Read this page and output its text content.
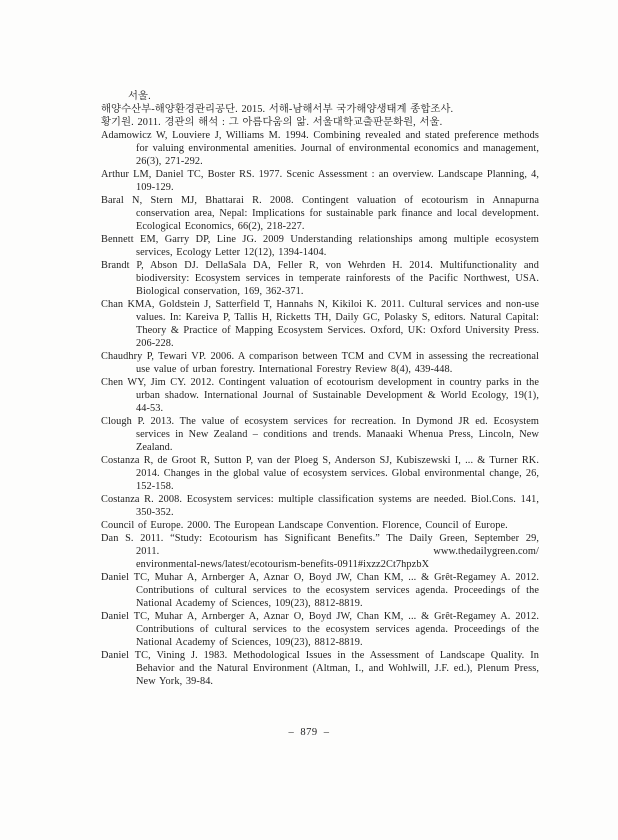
서울.
해양수산부-해양환경관리공단. 2015. 서해-남해서부 국가해양생태계 종합조사.
황기원. 2011. 경관의 해석 : 그 아름다움의 앎. 서울대학교출판문화원, 서울.
Adamowicz W, Louviere J, Williams M. 1994. Combining revealed and stated preference methods for valuing environmental amenities. Journal of environmental economics and management, 26(3), 271-292.
Arthur LM, Daniel TC, Boster RS. 1977. Scenic Assessment : an overview. Landscape Planning, 4, 109-129.
Baral N, Stern MJ, Bhattarai R. 2008. Contingent valuation of ecotourism in Annapurna conservation area, Nepal: Implications for sustainable park finance and local development. Ecological Economics, 66(2), 218-227.
Bennett EM, Garry DP, Line JG. 2009 Understanding relationships among multiple ecosystem services, Ecology Letter 12(12), 1394-1404.
Brandt P, Abson DJ. DellaSala DA, Feller R, von Wehrden H. 2014. Multifunctionality and biodiversity: Ecosystem services in temperate rainforests of the Pacific Northwest, USA. Biological conservation, 169, 362-371.
Chan KMA, Goldstein J, Satterfield T, Hannahs N, Kikiloi K. 2011. Cultural services and non-use values. In: Kareiva P, Tallis H, Ricketts TH, Daily GC, Polasky S, editors. Natural Capital: Theory & Practice of Mapping Ecosystem Services. Oxford, UK: Oxford University Press. 206-228.
Chaudhry P, Tewari VP. 2006. A comparison between TCM and CVM in assessing the recreational use value of urban forestry. International Forestry Review 8(4), 439-448.
Chen WY, Jim CY. 2012. Contingent valuation of ecotourism development in country parks in the urban shadow. International Journal of Sustainable Development & World Ecology, 19(1), 44-53.
Clough P. 2013. The value of ecosystem services for recreation. In Dymond JR ed. Ecosystem services in New Zealand – conditions and trends. Manaaki Whenua Press, Lincoln, New Zealand.
Costanza R, de Groot R, Sutton P, van der Ploeg S, Anderson SJ, Kubiszewski I, ... & Turner RK. 2014. Changes in the global value of ecosystem services. Global environmental change, 26, 152-158.
Costanza R. 2008. Ecosystem services: multiple classification systems are needed. Biol.Cons. 141, 350-352.
Council of Europe. 2000. The European Landscape Convention. Florence, Council of Europe.
Dan S. 2011. “Study: Ecotourism has Significant Benefits.” The Daily Green, September 29,
2011.	www.thedailygreen.com/
environmental-news/latest/ecotourism-benefits-0911#ixzz2Ct7hpzbX
Daniel TC, Muhar A, Arnberger A, Aznar O, Boyd JW, Chan KM, ... & Grêt-Regamey A. 2012. Contributions of cultural services to the ecosystem services agenda. Proceedings of the National Academy of Sciences, 109(23), 8812-8819.
Daniel TC, Muhar A, Arnberger A, Aznar O, Boyd JW, Chan KM, ... & Grêt-Regamey A. 2012. Contributions of cultural services to the ecosystem services agenda. Proceedings of the National Academy of Sciences, 109(23), 8812-8819.
Daniel TC, Vining J. 1983. Methodological Issues in the Assessment of Landscape Quality. In Behavior and the Natural Environment (Altman, I., and Wohlwill, J.F. ed.), Plenum Press, New York, 39-84.
– 879 –
